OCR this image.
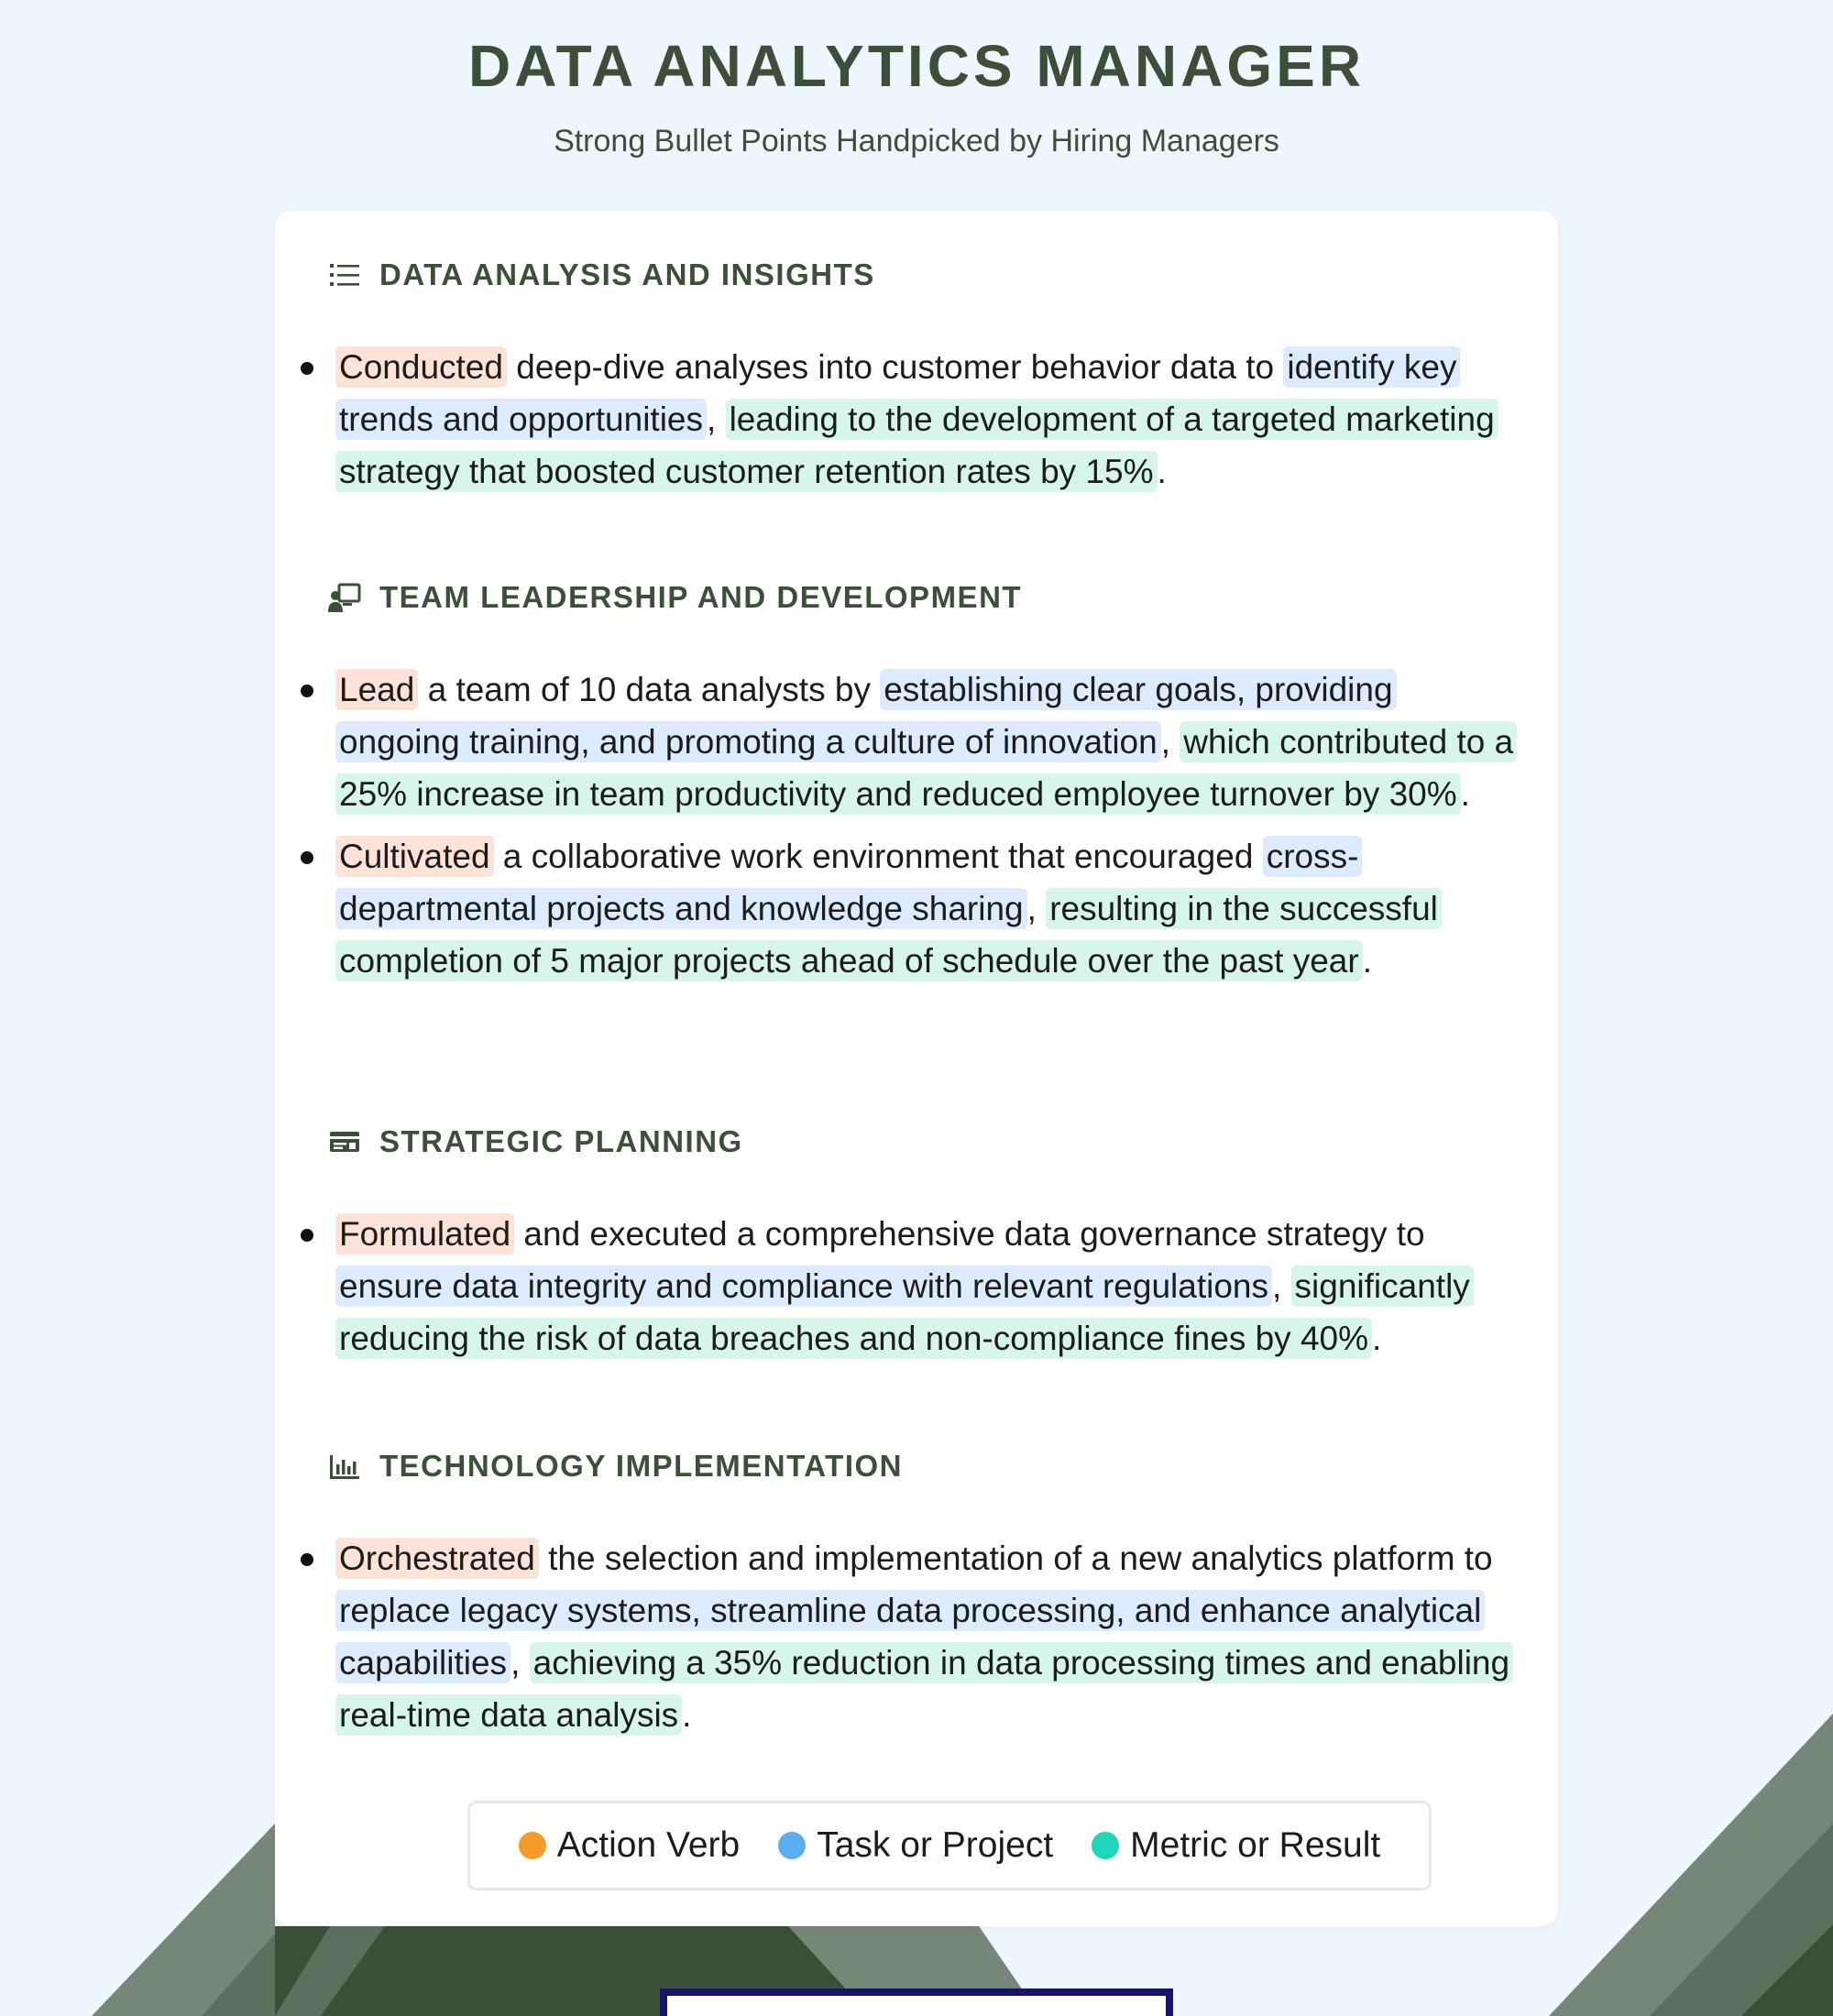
DATA ANALYTICS MANAGER
Strong Bullet Points Handpicked by Hiring Managers
DATA ANALYSIS AND INSIGHTS
Conducted deep-dive analyses into customer behavior data to identify key trends and opportunities , leading to the development of a targeted marketing strategy that boosted customer retention rates by 15% .
TEAM LEADERSHIP AND DEVELOPMENT
Lead a team of 10 data analysts by establishing clear goals, providing ongoing training, and promoting a culture of innovation , which contributed to a 25% increase in team productivity and reduced employee turnover by 30% .
Cultivated a collaborative work environment that encouraged cross-departmental projects and knowledge sharing , resulting in the successful completion of 5 major projects ahead of schedule over the past year .
STRATEGIC PLANNING
Formulated and executed a comprehensive data governance strategy to ensure data integrity and compliance with relevant regulations , significantly reducing the risk of data breaches and non-compliance fines by 40% .
TECHNOLOGY IMPLEMENTATION
Orchestrated the selection and implementation of a new analytics platform to replace legacy systems, streamline data processing, and enhance analytical capabilities , achieving a 35% reduction in data processing times and enabling real-time data analysis .
Action Verb Task or Project Metric or Result
